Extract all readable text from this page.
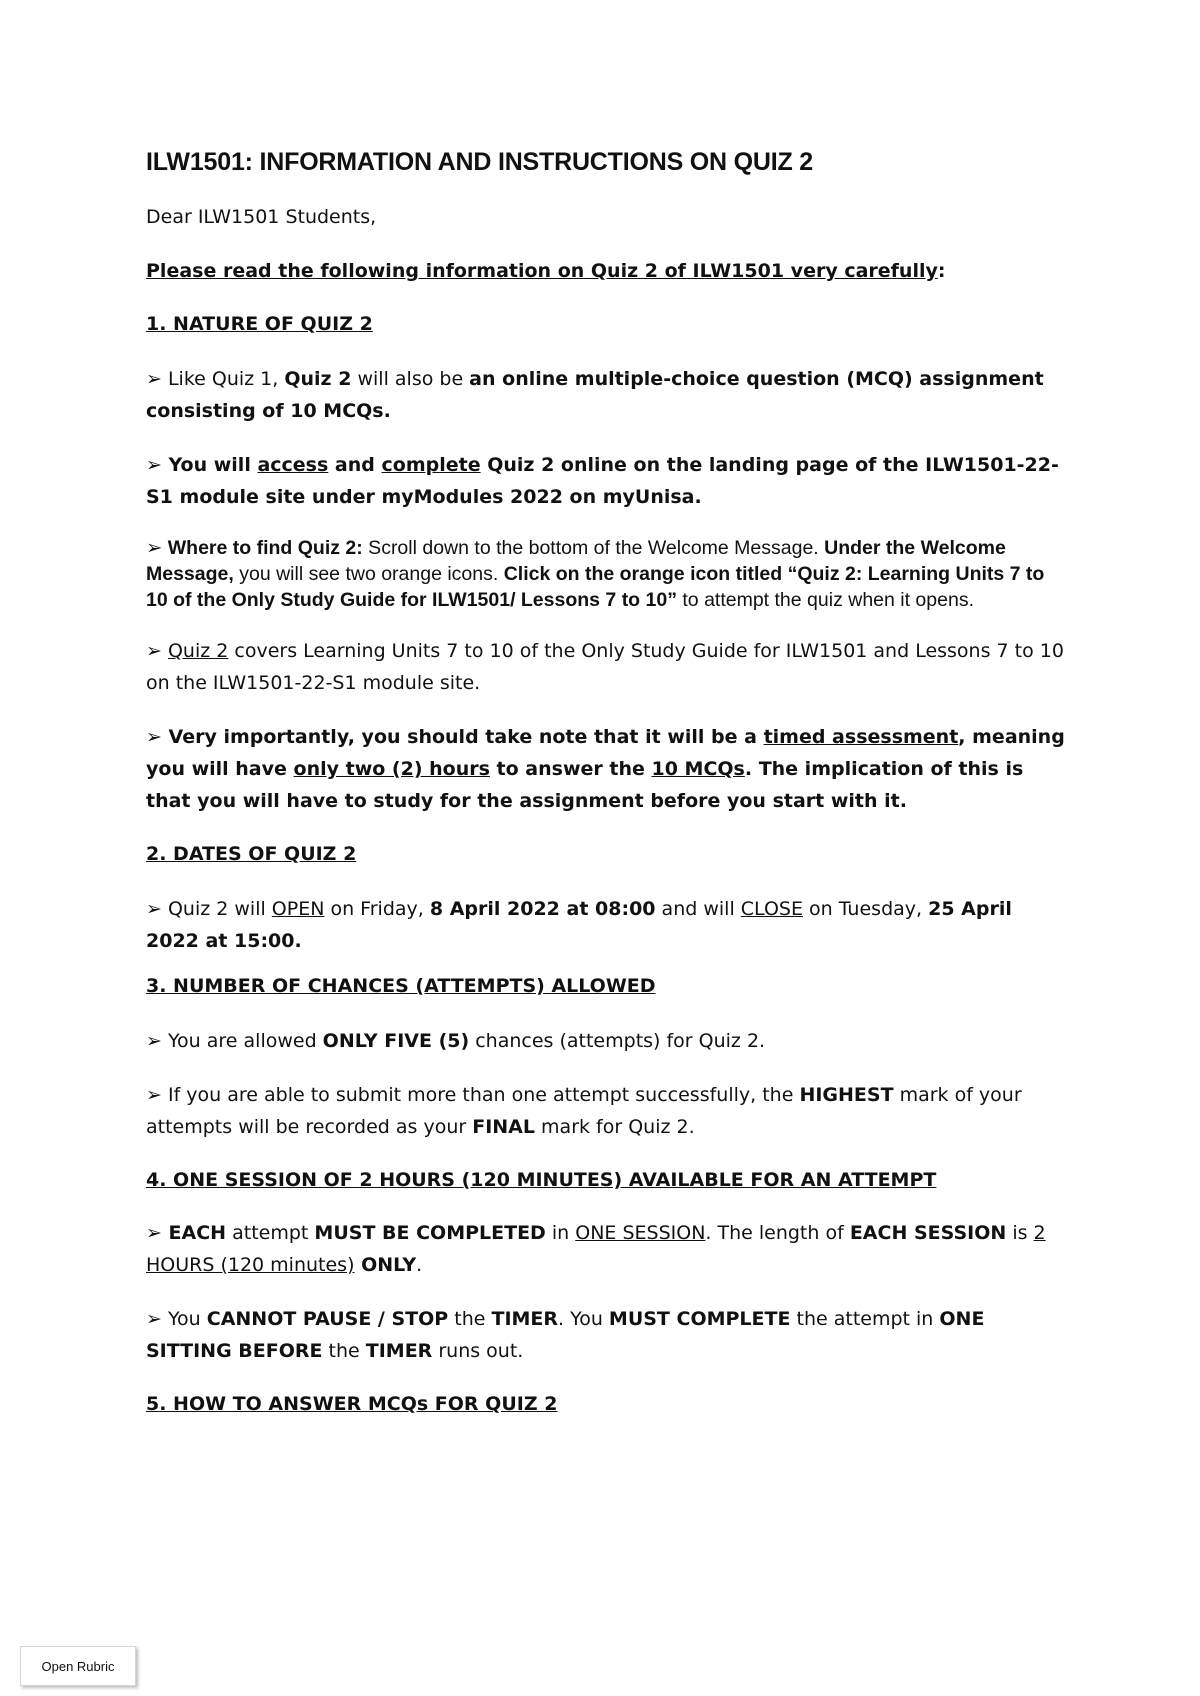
ILW1501: INFORMATION AND INSTRUCTIONS ON QUIZ 2

Dear ILW1501 Students,

Please read the following information on Quiz 2 of ILW1501 very carefully:

1. NATURE OF QUIZ 2

➢ Like Quiz 1, Quiz 2 will also be an online multiple-choice question (MCQ) assignment consisting of 10 MCQs.

➢ You will access and complete Quiz 2 online on the landing page of the ILW1501-22-S1 module site under myModules 2022 on myUnisa.

➢ Where to find Quiz 2: Scroll down to the bottom of the Welcome Message. Under the Welcome Message, you will see two orange icons. Click on the orange icon titled “Quiz 2: Learning Units 7 to 10 of the Only Study Guide for ILW1501/ Lessons 7 to 10” to attempt the quiz when it opens.

➢ Quiz 2 covers Learning Units 7 to 10 of the Only Study Guide for ILW1501 and Lessons 7 to 10 on the ILW1501-22-S1 module site.

➢ Very importantly, you should take note that it will be a timed assessment, meaning you will have only two (2) hours to answer the 10 MCQs. The implication of this is that you will have to study for the assignment before you start with it.

2. DATES OF QUIZ 2

➢ Quiz 2 will OPEN on Friday, 8 April 2022 at 08:00 and will CLOSE on Tuesday, 25 April 2022 at 15:00.

3. NUMBER OF CHANCES (ATTEMPTS) ALLOWED

➢ You are allowed ONLY FIVE (5) chances (attempts) for Quiz 2.

➢ If you are able to submit more than one attempt successfully, the HIGHEST mark of your attempts will be recorded as your FINAL mark for Quiz 2.

4. ONE SESSION OF 2 HOURS (120 MINUTES) AVAILABLE FOR AN ATTEMPT

➢ EACH attempt MUST BE COMPLETED in ONE SESSION. The length of EACH SESSION is 2 HOURS (120 minutes) ONLY.

➢ You CANNOT PAUSE / STOP the TIMER. You MUST COMPLETE the attempt in ONE SITTING BEFORE the TIMER runs out.

5. HOW TO ANSWER MCQs FOR QUIZ 2

Open Rubric
